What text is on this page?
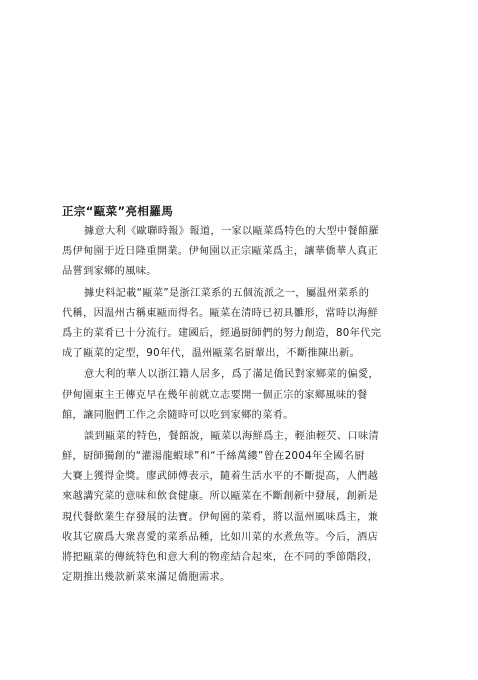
正宗“甌菜”亮相羅馬
據意大利《歐聯時報》報道，一家以甌菜爲特色的大型中餐館羅
馬伊甸園于近日隆重開業。伊甸園以正宗甌菜爲主，讓華僑華人真正
品嘗到家鄉的風味。
據史料記載“甌菜”是浙江菜系的五個流派之一，屬温州菜系的
代稱，因温州古稱東甌而得名。甌菜在清時已初具雛形，當時以海鮮
爲主的菜肴已十分流行。建國后，經過厨師們的努力創造，80年代完
成了甌菜的定型，90年代，温州甌菜名厨輩出，不斷推陳出新。
意大利的華人以浙江籍人居多，爲了滿足僑民對家鄉菜的偏愛，
伊甸園東主王傳克早在幾年前就立志要開一個正宗的家鄉風味的餐
館，讓同胞們工作之余隨時可以吃到家鄉的菜肴。
談到甌菜的特色，餐館說，甌菜以海鮮爲主，輕油輕芡、口味清
鮮，厨師獨創的“灌湯龍蝦球”和“千絲萬縷”曾在2004年全國名厨
大賽上獲得金獎。廖武師傅表示，隨着生活水平的不斷提高，人們越
來越講究菜的意味和飲食健康。所以甌菜在不斷創新中發展，創新是
現代餐飲業生存發展的法寶。伊甸園的菜肴，將以温州風味爲主，兼
收其它廣爲大衆喜愛的菜系品種，比如川菜的水煮魚等。今后，酒店
將把甌菜的傳統特色和意大利的物産結合起來，在不同的季節階段，
定期推出幾款新菜來滿足僑胞需求。
